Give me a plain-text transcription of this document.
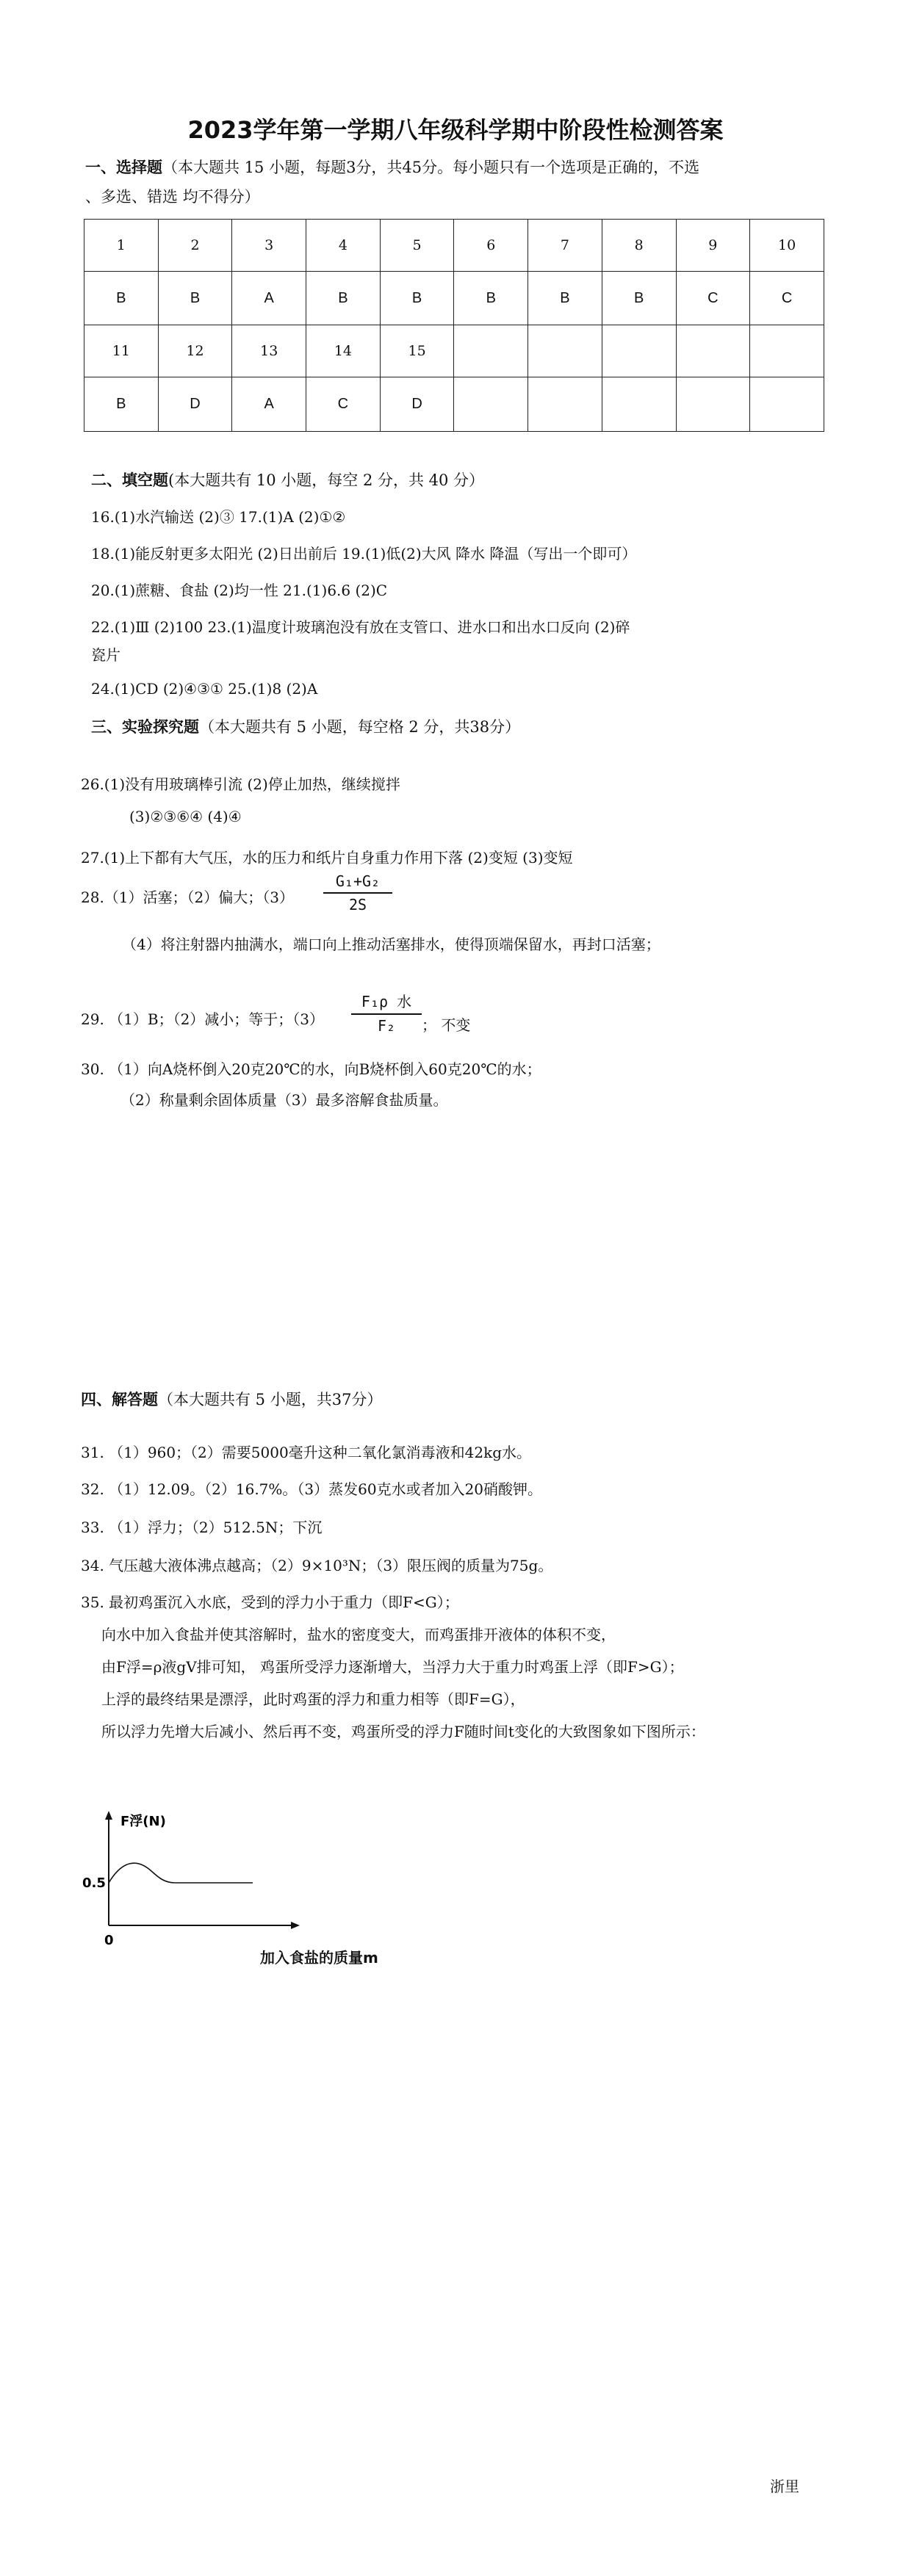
2023学年第一学期八年级科学期中阶段性检测答案
一、选择题（本大题共 15 小题，每题3分，共45分。每小题只有一个选项是正确的，不选
、多选、错选 均不得分）
1	2	3	4	5	6	7	8	9	10
B	B	A	B	B	B	B	B	C	C
11	12	13	14	15					
B	D	A	C	D					
二、填空题(本大题共有 10 小题，每空 2 分，共 40 分）
16.(1)水汽输送 (2)③ 17.(1)A (2)①②
18.(1)能反射更多太阳光 (2)日出前后 19.(1)低(2)大风 降水 降温（写出一个即可）
20.(1)蔗糖、食盐 (2)均一性 21.(1)6.6 (2)C
22.(1)Ⅲ (2)100 23.(1)温度计玻璃泡没有放在支管口、进水口和出水口反向 (2)碎
瓷片
24.(1)CD (2)④③① 25.(1)8 (2)A
三、实验探究题（本大题共有 5 小题，每空格 2 分，共38分）
26.(1)没有用玻璃棒引流 (2)停止加热，继续搅拌
(3)②③⑥④ (4)④
27.(1)上下都有大气压，水的压力和纸片自身重力作用下落 (2)变短 (3)变短
28.（1）活塞；（2）偏大；（3）
G₁+G₂
2S
（4）将注射器内抽满水，端口向上推动活塞排水，使得顶端保留水，再封口活塞；
29. （1）B；（2）减小；等于；（3）
F₁ρ 水
F₂	； 不变
30. （1）向A烧杯倒入20克20℃的水，向B烧杯倒入60克20℃的水；
（2）称量剩余固体质量（3）最多溶解食盐质量。
四、解答题（本大题共有 5 小题，共37分）
31. （1）960；（2）需要5000毫升这种二氧化氯消毒液和42kg水。
32. （1）12.09。（2）16.7%。（3）蒸发60克水或者加入20硝酸钾。
33. （1）浮力；（2）512.5N；下沉
34. 气压越大液体沸点越高；（2）9×10³N；（3）限压阀的质量为75g。
35. 最初鸡蛋沉入水底，受到的浮力小于重力（即F<G）；
向水中加入食盐并使其溶解时，盐水的密度变大，而鸡蛋排开液体的体积不变，
由F浮=ρ液gV排可知， 鸡蛋所受浮力逐渐增大，当浮力大于重力时鸡蛋上浮（即F>G）；
上浮的最终结果是漂浮，此时鸡蛋的浮力和重力相等（即F=G），
所以浮力先增大后减小、然后再不变，鸡蛋所受的浮力F随时间t变化的大致图象如下图所示：
F浮(N)
0.5
0
加入食盐的质量m
浙里
